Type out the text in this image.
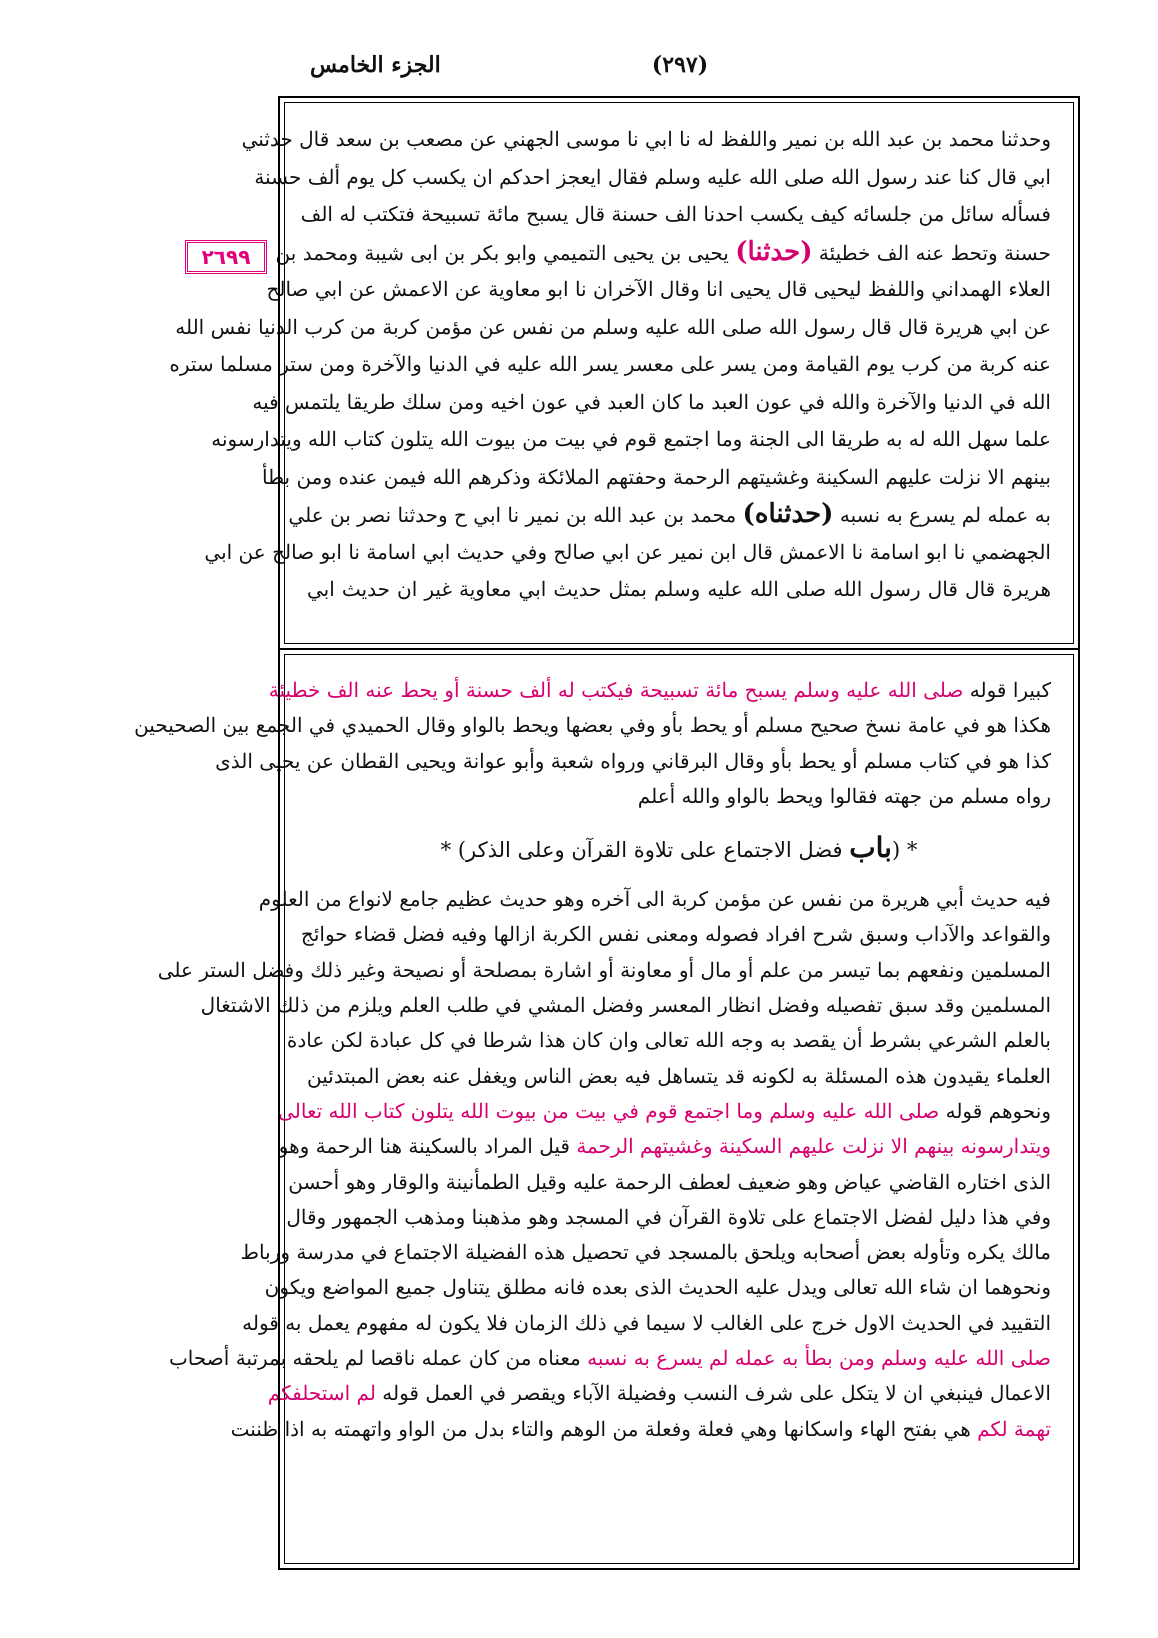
الجزء الخامس	(٢٩٧)
٢٦٩٩
وحدثنا محمد بن عبد الله بن نمير واللفظ له نا ابي نا موسى الجهني عن مصعب بن سعد قال حدثني
ابي قال كنا عند رسول الله صلى الله عليه وسلم فقال ايعجز احدكم ان يكسب كل يوم ألف حسنة
فسأله سائل من جلسائه كيف يكسب احدنا الف حسنة قال يسبح مائة تسبيحة فتكتب له الف
حسنة وتحط عنه الف خطيئة (حدثنا) يحيى بن يحيى التميمي وابو بكر بن ابى شيبة ومحمد بن
العلاء الهمداني واللفظ ليحيى قال يحيى انا وقال الآخران نا ابو معاوية عن الاعمش عن ابي صالح
عن ابي هريرة قال قال رسول الله صلى الله عليه وسلم من نفس عن مؤمن كربة من كرب الدنيا نفس الله
عنه كربة من كرب يوم القيامة ومن يسر على معسر يسر الله عليه في الدنيا والآخرة ومن ستر مسلما ستره
الله في الدنيا والآخرة والله في عون العبد ما كان العبد في عون اخيه ومن سلك طريقا يلتمس فيه
علما سهل الله له به طريقا الى الجنة وما اجتمع قوم في بيت من بيوت الله يتلون كتاب الله ويتدارسونه
بينهم الا نزلت عليهم السكينة وغشيتهم الرحمة وحفتهم الملائكة وذكرهم الله فيمن عنده ومن بطأ
به عمله لم يسرع به نسبه (حدثناه) محمد بن عبد الله بن نمير نا ابي ح وحدثنا نصر بن علي
الجهضمي نا ابو اسامة نا الاعمش قال ابن نمير عن ابي صالح وفي حديث ابي اسامة نا ابو صالح عن ابي
هريرة قال قال رسول الله صلى الله عليه وسلم بمثل حديث ابي معاوية غير ان حديث ابي
كبيرا قوله صلى الله عليه وسلم يسبح مائة تسبيحة فيكتب له ألف حسنة أو يحط عنه الف خطيئة
هكذا هو في عامة نسخ صحيح مسلم أو يحط بأو وفي بعضها ويحط بالواو وقال الحميدي في الجمع بين الصحيحين
كذا هو في كتاب مسلم أو يحط بأو وقال البرقاني ورواه شعبة وأبو عوانة ويحيى القطان عن يحيى الذى
رواه مسلم من جهته فقالوا ويحط بالواو والله أعلم
* (باب فضل الاجتماع على تلاوة القرآن وعلى الذكر) *
فيه حديث أبي هريرة من نفس عن مؤمن كربة الى آخره وهو حديث عظيم جامع لانواع من العلوم
والقواعد والآداب وسبق شرح افراد فصوله ومعنى نفس الكربة ازالها وفيه فضل قضاء حوائج
المسلمين ونفعهم بما تيسر من علم أو مال أو معاونة أو اشارة بمصلحة أو نصيحة وغير ذلك وفضل الستر على
المسلمين وقد سبق تفصيله وفضل انظار المعسر وفضل المشي في طلب العلم ويلزم من ذلك الاشتغال
بالعلم الشرعي بشرط أن يقصد به وجه الله تعالى وان كان هذا شرطا في كل عبادة لكن عادة
العلماء يقيدون هذه المسئلة به لكونه قد يتساهل فيه بعض الناس ويغفل عنه بعض المبتدئين
ونحوهم قوله صلى الله عليه وسلم وما اجتمع قوم في بيت من بيوت الله يتلون كتاب الله تعالى
ويتدارسونه بينهم الا نزلت عليهم السكينة وغشيتهم الرحمة قيل المراد بالسكينة هنا الرحمة وهو
الذى اختاره القاضي عياض وهو ضعيف لعطف الرحمة عليه وقيل الطمأنينة والوقار وهو أحسن
وفي هذا دليل لفضل الاجتماع على تلاوة القرآن في المسجد وهو مذهبنا ومذهب الجمهور وقال
مالك يكره وتأوله بعض أصحابه ويلحق بالمسجد في تحصيل هذه الفضيلة الاجتماع في مدرسة ورباط
ونحوهما ان شاء الله تعالى ويدل عليه الحديث الذى بعده فانه مطلق يتناول جميع المواضع ويكون
التقييد في الحديث الاول خرج على الغالب لا سيما في ذلك الزمان فلا يكون له مفهوم يعمل به قوله
صلى الله عليه وسلم ومن بطأ به عمله لم يسرع به نسبه معناه من كان عمله ناقصا لم يلحقه بمرتبة أصحاب
الاعمال فينبغي ان لا يتكل على شرف النسب وفضيلة الآباء ويقصر في العمل قوله لم استحلفكم
تهمة لكم هي بفتح الهاء واسكانها وهي فعلة وفعلة من الوهم والتاء بدل من الواو واتهمته به اذا ظننت
